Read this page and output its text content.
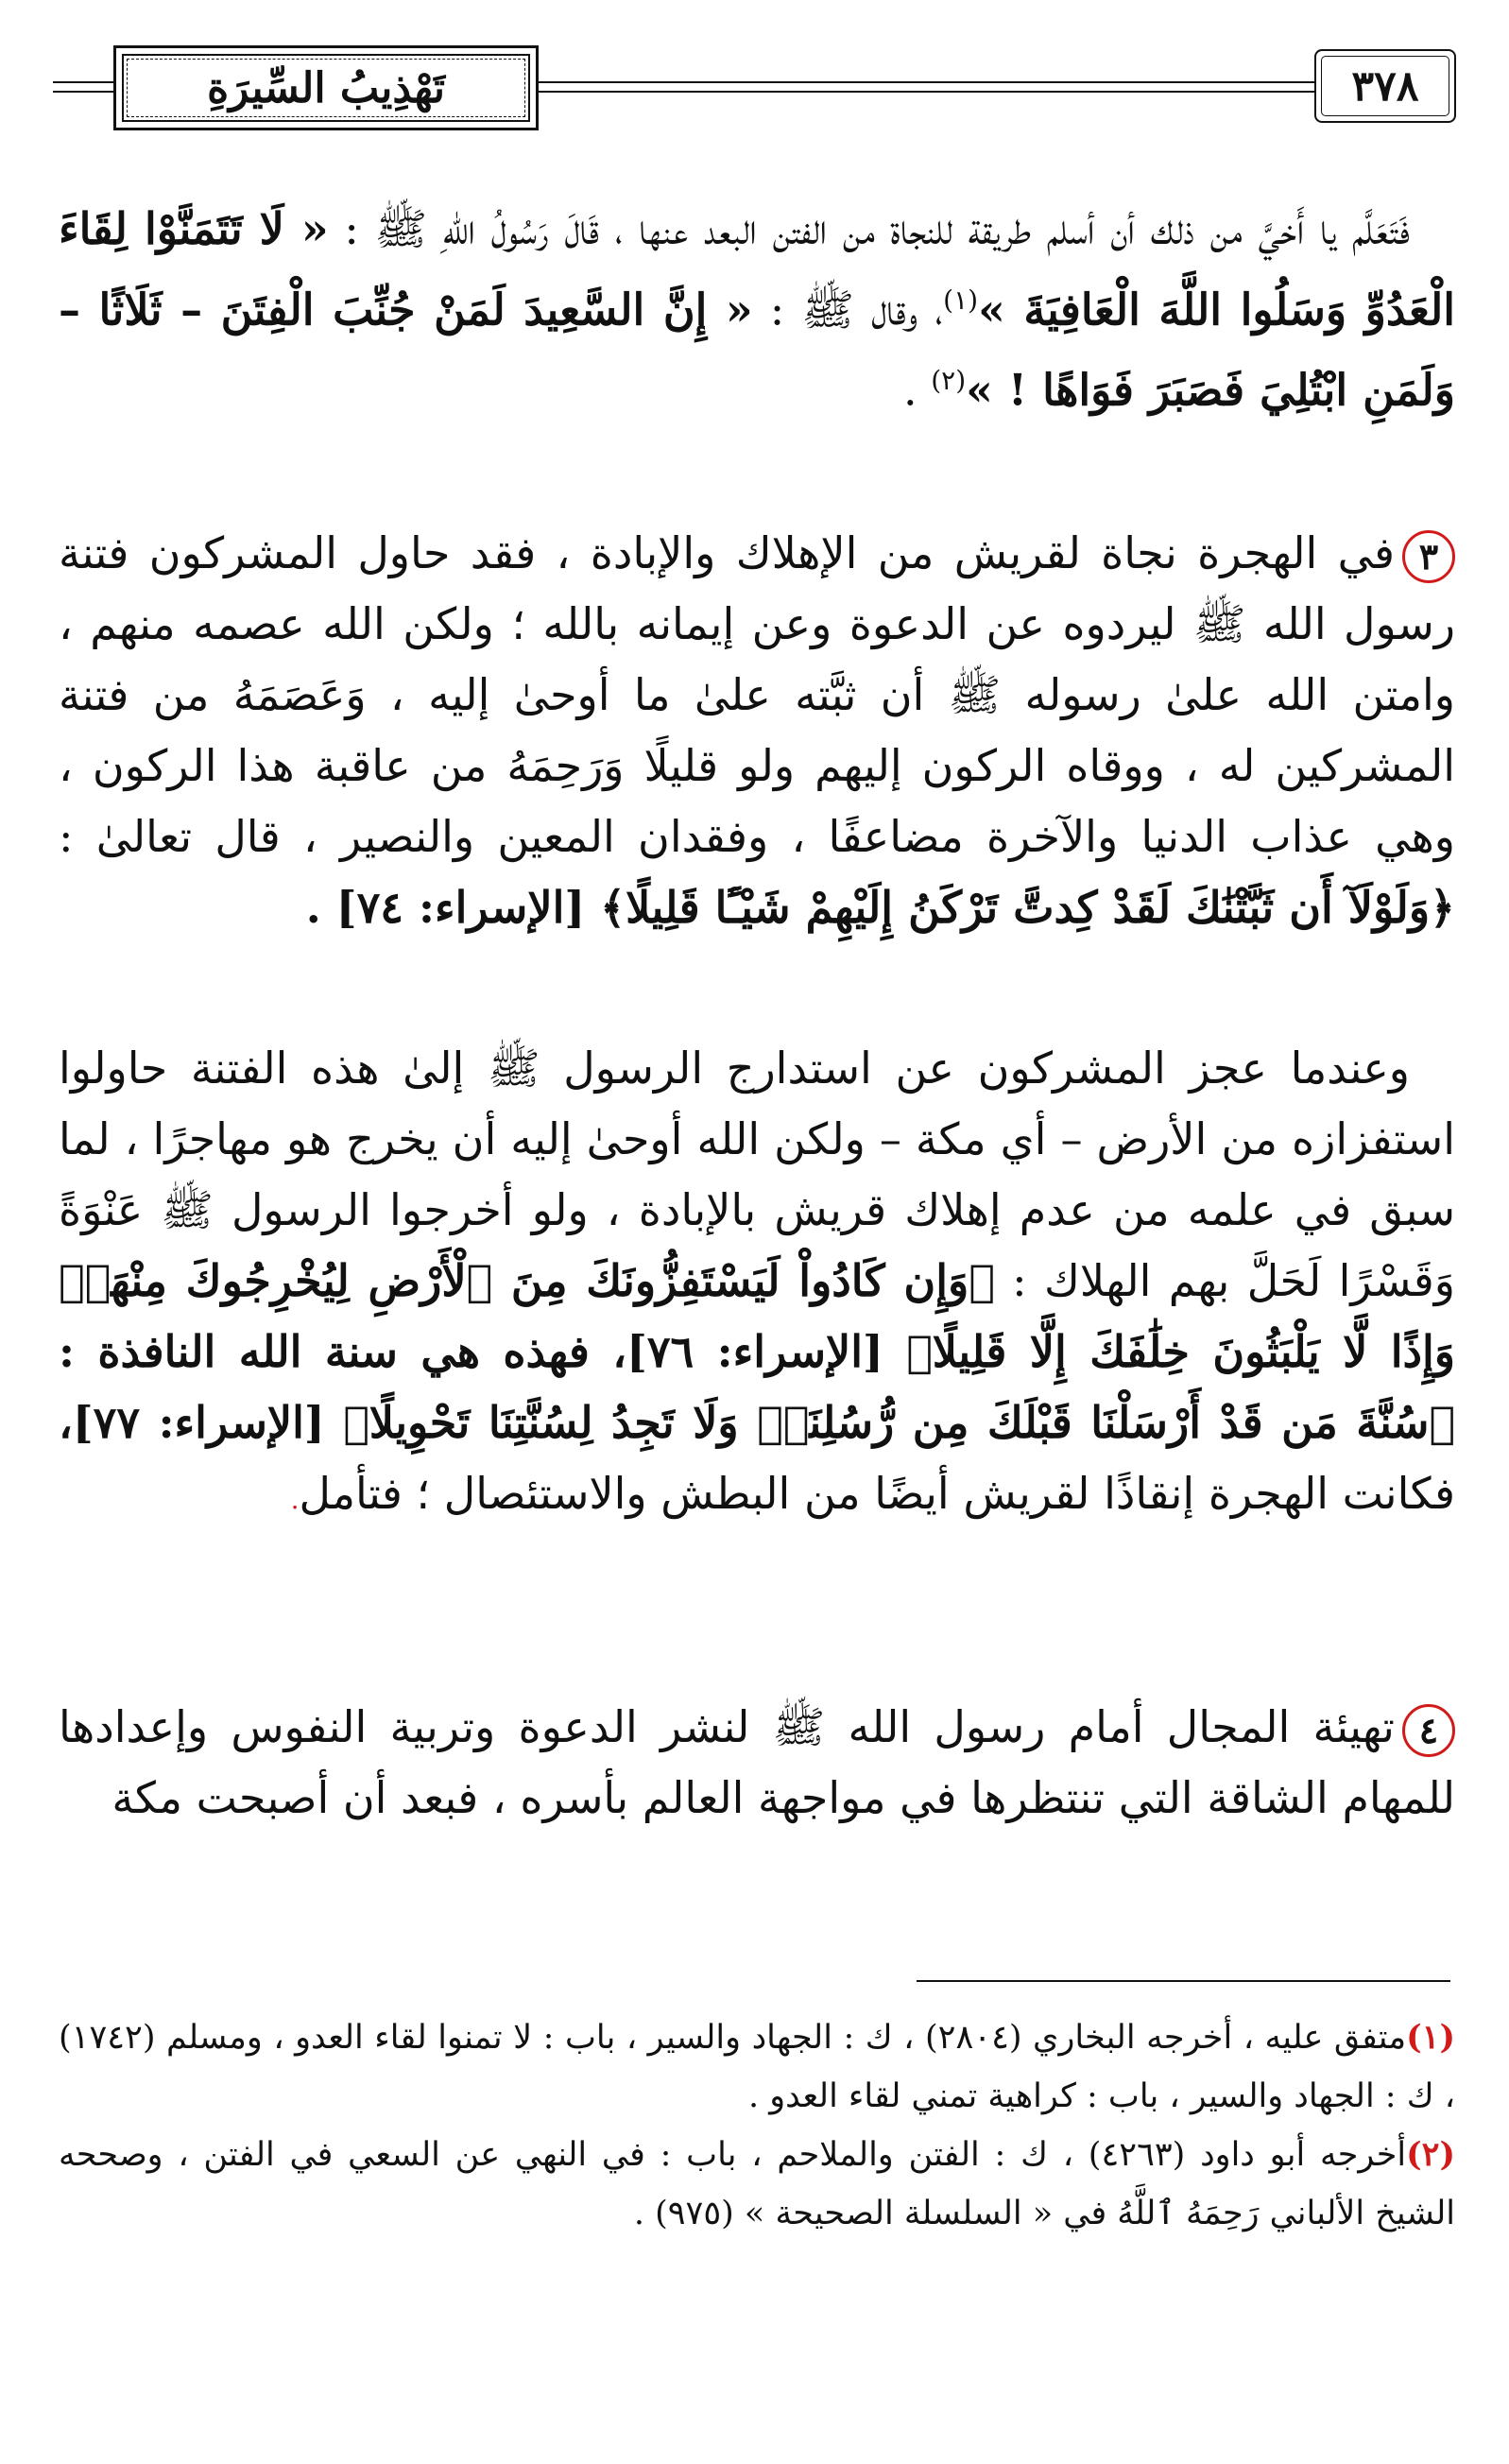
٣٧٨
تَهْذِيبُ السِّيرَةِ
فَتَعَلَّم يا أَخيَّ من ذلك أن أسلم طريقة للنجاة من الفتن البعد عنها ، قَالَ رَسُولُ اللهِ ﷺ : « لَا تَتَمَنَّوْا لِقَاءَ الْعَدُوِّ وَسَلُوا اللَّهَ الْعَافِيَةَ »$^{(١)}$، وقال ﷺ : « إِنَّ السَّعِيدَ لَمَنْ جُنِّبَ الْفِتَنَ – ثَلَاثًا – وَلَمَنِ ابْتُلِيَ فَصَبَرَ فَوَاهًا ! »$^{(٢)}$ .
٣في الهجرة نجاة لقريش من الإهلاك والإبادة ، فقد حاول المشركون فتنة رسول الله ﷺ ليردوه عن الدعوة وعن إيمانه بالله ؛ ولكن الله عصمه منهم ، وامتن الله علىٰ رسوله ﷺ أن ثبَّته علىٰ ما أوحىٰ إليه ، وَعَصَمَهُ من فتنة المشركين له ، ووقاه الركون إليهم ولو قليلًا وَرَحِمَهُ من عاقبة هذا الركون ، وهي عذاب الدنيا والآخرة مضاعفًا ، وفقدان المعين والنصير ، قال تعالىٰ : ﴿وَلَوْلَآ أَن ثَبَّتْنَٰكَ لَقَدْ كِدتَّ تَرْكَنُ إِلَيْهِمْ شَيْـًٔا قَلِيلًا﴾ [الإسراء: ٧٤] .
وعندما عجز المشركون عن استدارج الرسول ﷺ إلىٰ هذه الفتنة حاولوا استفزازه من الأرض – أي مكة – ولكن الله أوحىٰ إليه أن يخرج هو مهاجرًا ، لما سبق في علمه من عدم إهلاك قريش بالإبادة ، ولو أخرجوا الرسول ﷺ عَنْوَةً وَقَسْرًا لَحَلَّ بهم الهلاك : ﴿وَإِن كَادُواْ لَيَسْتَفِزُّونَكَ مِنَ ٱلْأَرْضِ لِيُخْرِجُوكَ مِنْهَاۖ وَإِذًا لَّا يَلْبَثُونَ خِلَٰفَكَ إِلَّا قَلِيلًا﴾ [الإسراء: ٧٦]، فهذه هي سنة الله النافذة : ﴿سُنَّةَ مَن قَدْ أَرْسَلْنَا قَبْلَكَ مِن رُّسُلِنَاۖ وَلَا تَجِدُ لِسُنَّتِنَا تَحْوِيلًا﴾ [الإسراء: ٧٧]، فكانت الهجرة إنقاذًا لقريش أيضًا من البطش والاستئصال ؛ فتأمل.
٤تهيئة المجال أمام رسول الله ﷺ لنشر الدعوة وتربية النفوس وإعدادها للمهام الشاقة التي تنتظرها في مواجهة العالم بأسره ، فبعد أن أصبحت مكة

(١)متفق عليه ، أخرجه البخاري (٢٨٠٤) ، ك : الجهاد والسير ، باب : لا تمنوا لقاء العدو ، ومسلم (١٧٤٢) ، ك : الجهاد والسير ، باب : كراهية تمني لقاء العدو .

(٢)أخرجه أبو داود (٤٢٦٣) ، ك : الفتن والملاحم ، باب : في النهي عن السعي في الفتن ، وصححه الشيخ الألباني رَحِمَهُ ٱللَّهُ في « السلسلة الصحيحة » (٩٧٥) .
